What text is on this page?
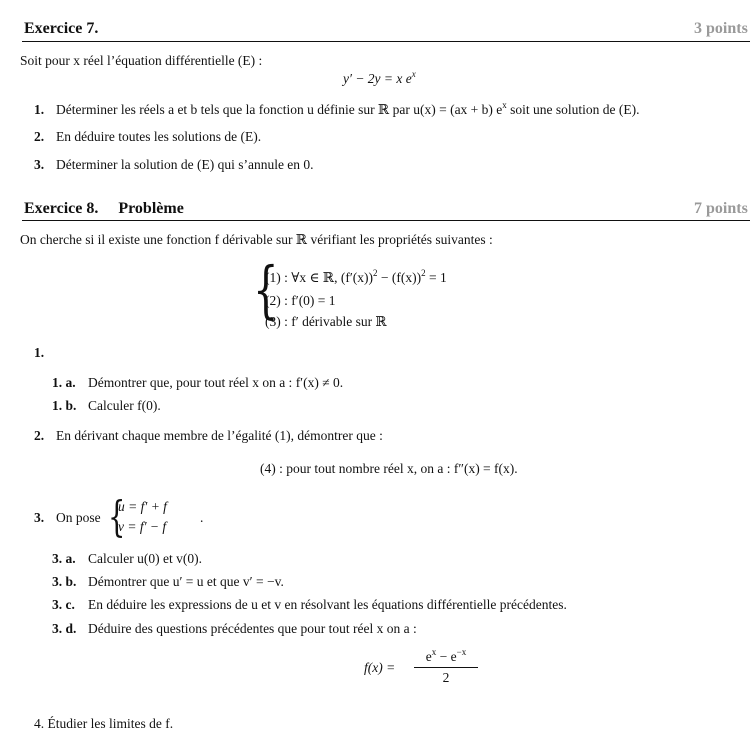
Exercice 7.	3 points
Soit pour x réel l’équation différentielle (E) :
y′ − 2y = x $e^x$
1. Déterminer les réels a et b tels que la fonction u définie sur ℝ par u(x) = (ax + b) $e^x$ soit une solution de (E).
2. En déduire toutes les solutions de (E).
3. Déterminer la solution de (E) qui s’annule en 0.
Exercice 8. Problème	7 points
On cherche si il existe une fonction f dérivable sur ℝ vérifiant les propriétés suivantes :
{
(1) : ∀x ∈ ℝ, $(f'(x))^2 - (f(x))^2 = 1$
(2) : f′(0) = 1
(3) : f′ dérivable sur ℝ
1.
1. a. Démontrer que, pour tout réel x on a : f′(x) ≠ 0.
1. b. Calculer f(0).
2. En dérivant chaque membre de l’égalité (1), démontrer que :
(4) : pour tout nombre réel x, on a : f″(x) = f(x).
3. On pose {
u = f′ + f
v = f′ − f
.
3. a. Calculer u(0) et v(0).
3. b. Démontrer que u′ = u et que v′ = −v.
3. c. En déduire les expressions de u et v en résolvant les équations différentielle précédentes.
3. d. Déduire des questions précédentes que pour tout réel x on a :
f(x) =
$e^x - e^{-x}$
2
4. Étudier les limites de f.
